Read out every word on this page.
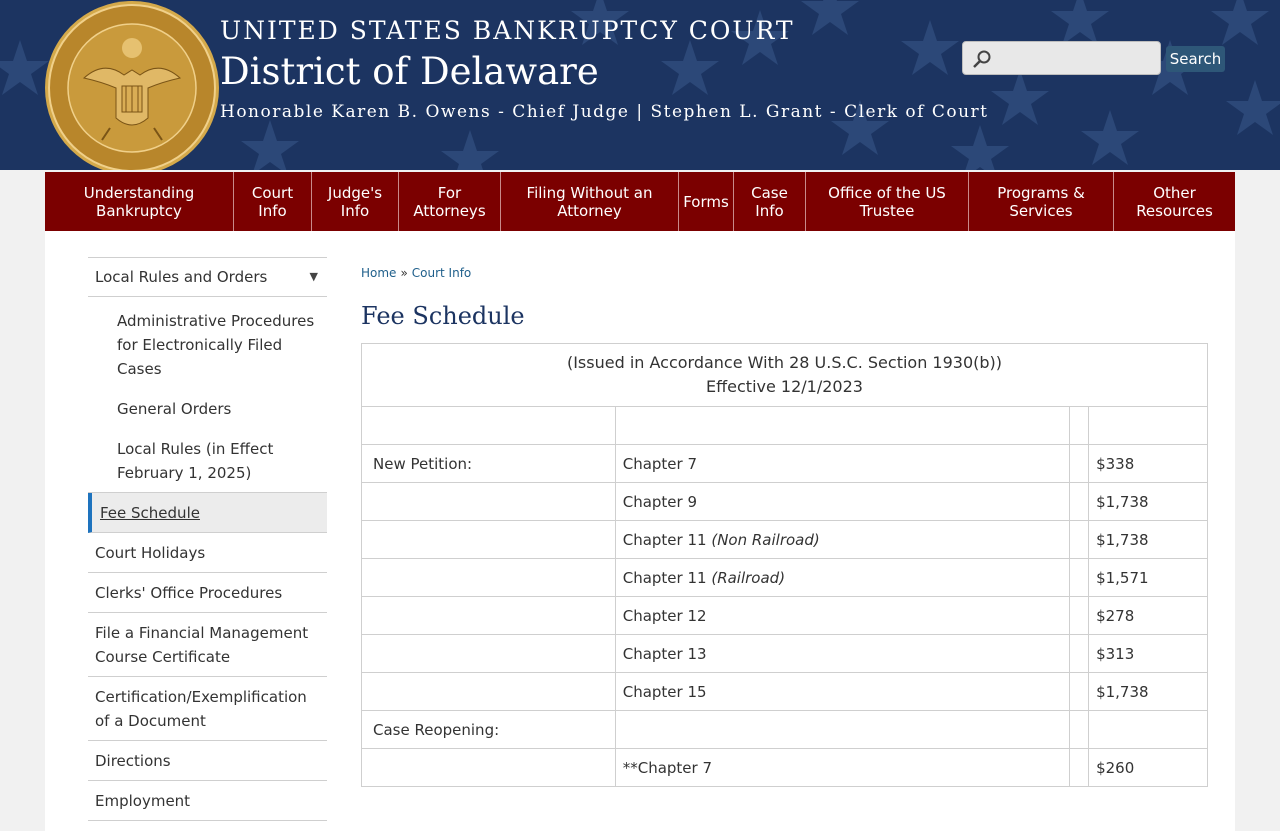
UNITED STATES BANKRUPTCY COURT
District of Delaware
Honorable Karen B. Owens - Chief Judge | Stephen L. Grant - Clerk of Court
Search
Understanding
Bankruptcy
Court
Info
Judge's
Info
For
Attorneys
Filing Without an
Attorney	Forms Case
Info
Office of the US
Trustee
Programs &
Services
Other
Resources
Local Rules and Orders	▼
Administrative Procedures for Electronically Filed Cases
General Orders
Local Rules (in Effect February 1, 2025)
Fee Schedule
Court Holidays
Clerks' Office Procedures
File a Financial Management Course Certificate
Certification/Exemplification of a Document
Directions
Employment
Home » Court Info
Fee Schedule
(Issued in Accordance With 28 U.S.C. Section 1930(b))
Effective 12/1/2023			

New Petition:	Chapter 7		$338
	Chapter 9		$1,738
	Chapter 11 (Non Railroad)		$1,738
	Chapter 11 (Railroad)		$1,571
	Chapter 12		$278
	Chapter 13		$313
	Chapter 15		$1,738
Case Reopening:			
	**Chapter 7		$260
